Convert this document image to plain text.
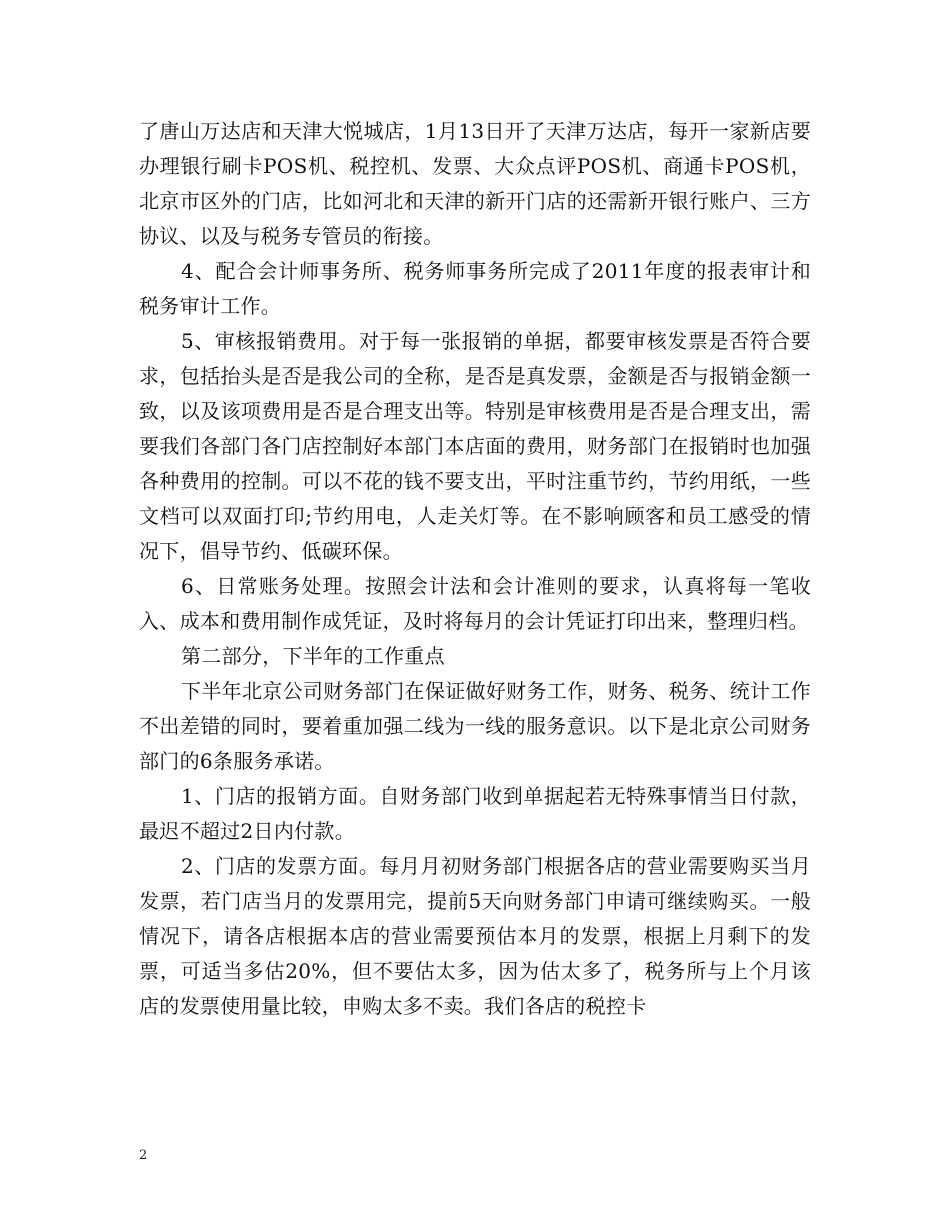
了唐山万达店和天津大悦城店，1月13日开了天津万达店，每开一家新店要办理银行刷卡POS机、税控机、发票、大众点评POS机、商通卡POS机，北京市区外的门店，比如河北和天津的新开门店的还需新开银行账户、三方协议、以及与税务专管员的衔接。

4、配合会计师事务所、税务师事务所完成了2011年度的报表审计和税务审计工作。

5、审核报销费用。对于每一张报销的单据，都要审核发票是否符合要求，包括抬头是否是我公司的全称，是否是真发票，金额是否与报销金额一致，以及该项费用是否是合理支出等。特别是审核费用是否是合理支出，需要我们各部门各门店控制好本部门本店面的费用，财务部门在报销时也加强各种费用的控制。可以不花的钱不要支出，平时注重节约，节约用纸，一些文档可以双面打印;节约用电，人走关灯等。在不影响顾客和员工感受的情况下，倡导节约、低碳环保。

6、日常账务处理。按照会计法和会计准则的要求，认真将每一笔收入、成本和费用制作成凭证，及时将每月的会计凭证打印出来，整理归档。

第二部分，下半年的工作重点

下半年北京公司财务部门在保证做好财务工作，财务、税务、统计工作不出差错的同时，要着重加强二线为一线的服务意识。以下是北京公司财务部门的6条服务承诺。

1、门店的报销方面。自财务部门收到单据起若无特殊事情当日付款，最迟不超过2日内付款。

2、门店的发票方面。每月月初财务部门根据各店的营业需要购买当月发票，若门店当月的发票用完，提前5天向财务部门申请可继续购买。一般情况下，请各店根据本店的营业需要预估本月的发票，根据上月剩下的发票，可适当多估20%，但不要估太多，因为估太多了，税务所与上个月该店的发票使用量比较，申购太多不卖。我们各店的税控卡

2
